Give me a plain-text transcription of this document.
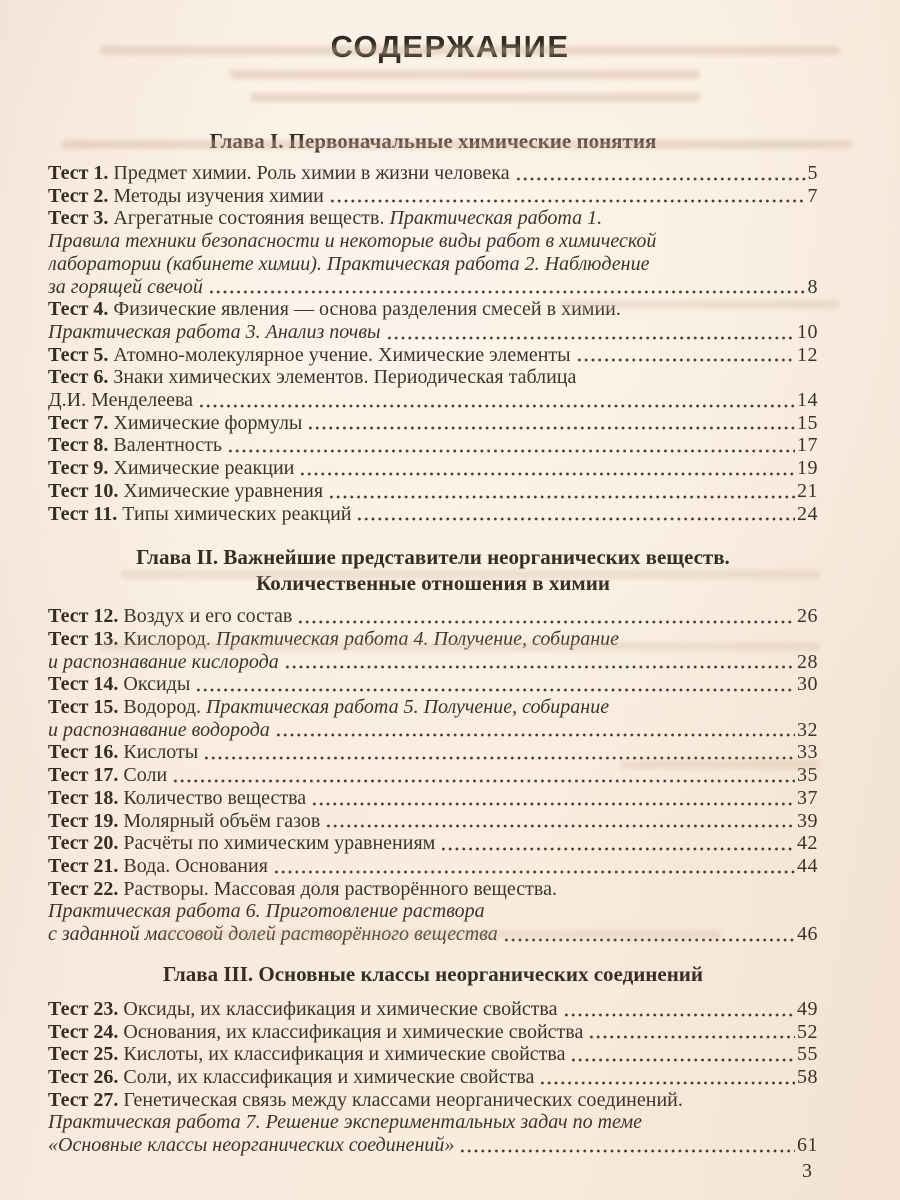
СОДЕРЖАНИЕ
Глава I. Первоначальные химические понятия
Тест 1. Предмет химии. Роль химии в жизни человека	5
Тест 2. Методы изучения химии	7
Тест 3. Агрегатные состояния веществ. Практическая работа 1.
Правила техники безопасности и некоторые виды работ в химической
лаборатории (кабинете химии). Практическая работа 2. Наблюдение
за горящей свечой	8
Тест 4. Физические явления — основа разделения смесей в химии.
Практическая работа 3. Анализ почвы	10
Тест 5. Атомно-молекулярное учение. Химические элементы	12
Тест 6. Знаки химических элементов. Периодическая таблица
Д.И. Менделеева	14
Тест 7. Химические формулы	15
Тест 8. Валентность	17
Тест 9. Химические реакции	19
Тест 10. Химические уравнения	21
Тест 11. Типы химических реакций	24
Глава II. Важнейшие представители неорганических веществ.
Количественные отношения в химии
Тест 12. Воздух и его состав	26
Тест 13. Кислород. Практическая работа 4. Получение, собирание
и распознавание кислорода	28
Тест 14. Оксиды	30
Тест 15. Водород. Практическая работа 5. Получение, собирание
и распознавание водорода	32
Тест 16. Кислоты	33
Тест 17. Соли	35
Тест 18. Количество вещества	37
Тест 19. Молярный объём газов	39
Тест 20. Расчёты по химическим уравнениям	42
Тест 21. Вода. Основания	44
Тест 22. Растворы. Массовая доля растворённого вещества.
Практическая работа 6. Приготовление раствора
с заданной массовой долей растворённого вещества	46
Глава III. Основные классы неорганических соединений
Тест 23. Оксиды, их классификация и химические свойства	49
Тест 24. Основания, их классификация и химические свойства	52
Тест 25. Кислоты, их классификация и химические свойства	55
Тест 26. Соли, их классификация и химические свойства	58
Тест 27. Генетическая связь между классами неорганических соединений.
Практическая работа 7. Решение экспериментальных задач по теме
«Основные классы неорганических соединений»	61
3
